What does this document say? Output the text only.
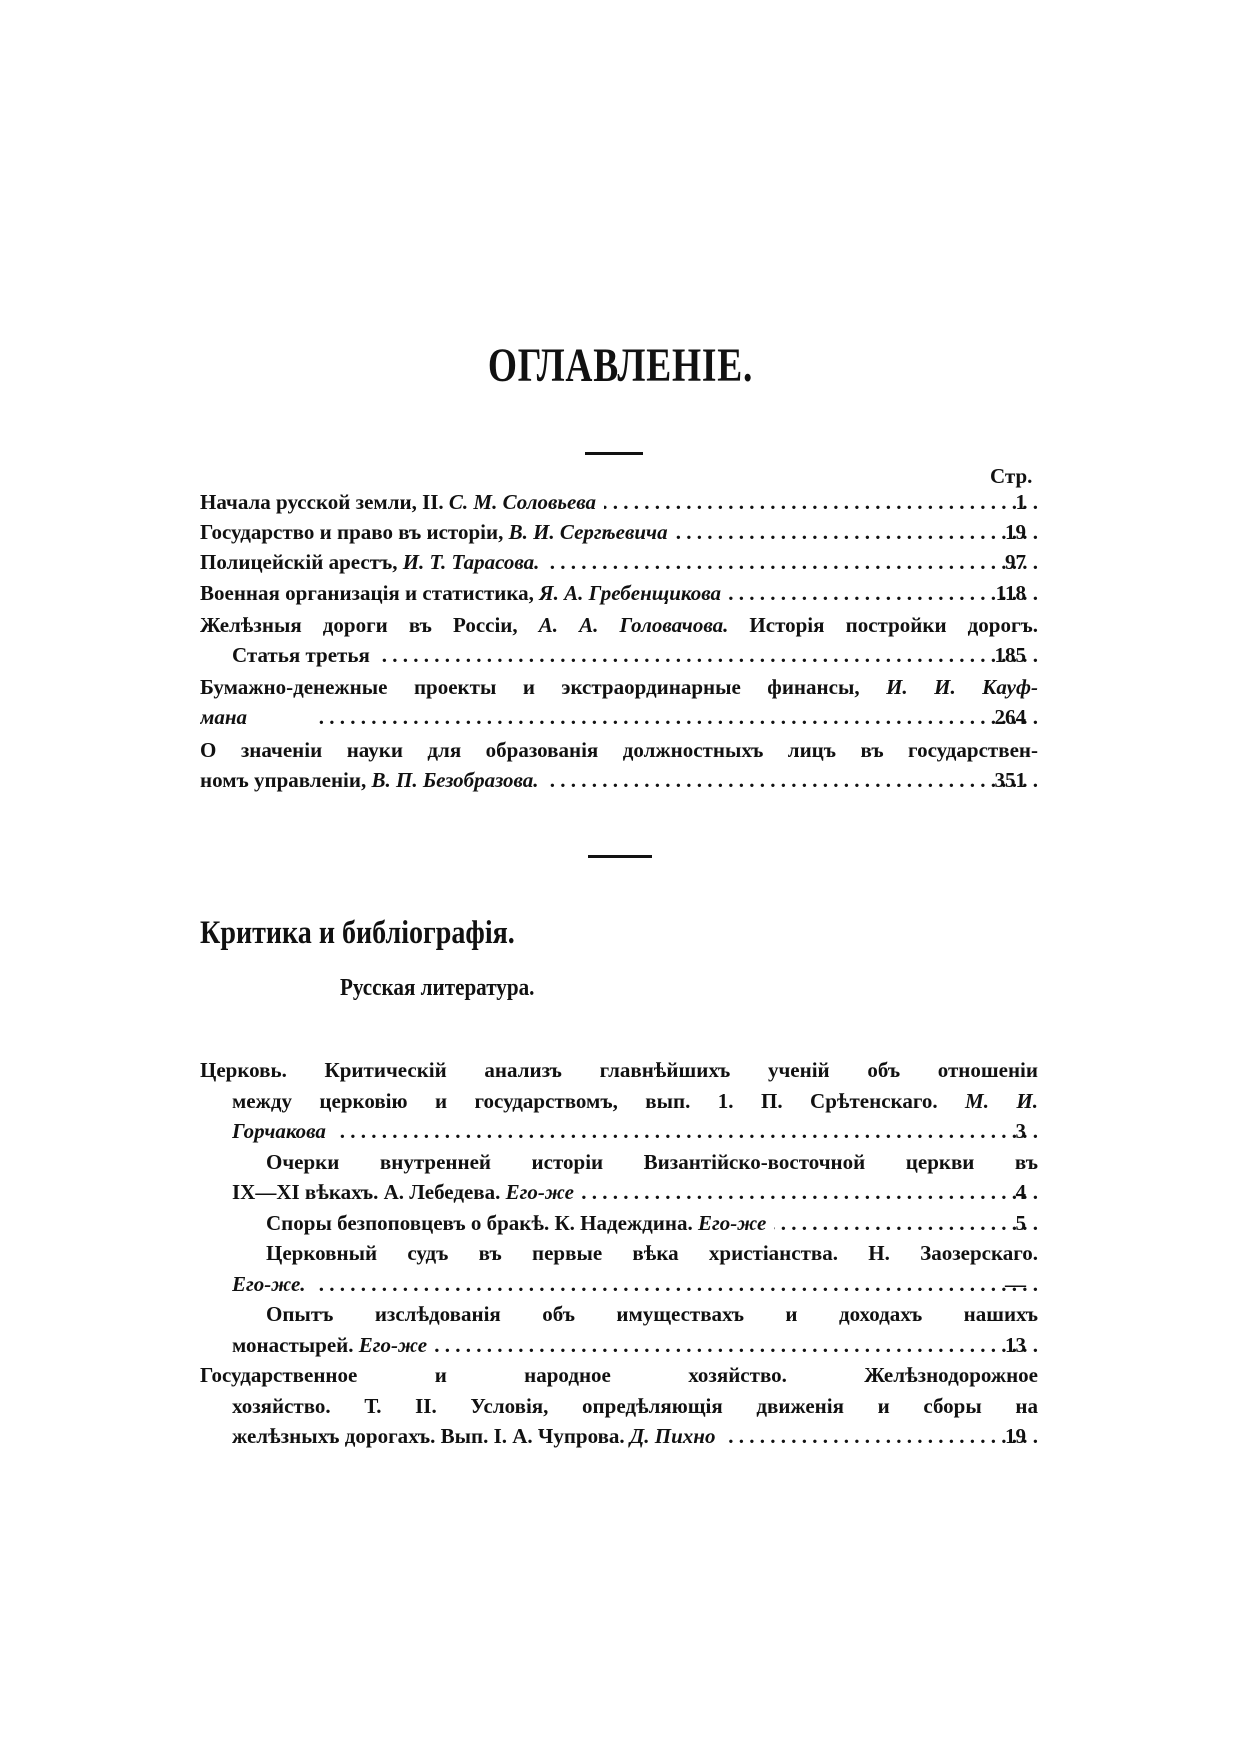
ОГЛАВЛЕНІЕ.
Стр.
Начала русской земли, II. С. М. Соловьева . . .	1
Государство и право въ исторіи, В. И. Сергѣевича . . .	19
Полицейскій арестъ, И. Т. Тарасова. . . .	97
Военная организація и статистика, Я. А. Гребенщикова . . .	118
Желѣзныя дороги въ Россіи, А. А. Головачова. Исторія постройки дорогъ.
Статья третья . . .	185
Бумажно-денежные проекты и экстраординарные финансы, И. И. Кауф-
мана . . .	264
О значеніи науки для образованія должностныхъ лицъ въ государствен-
номъ управленіи, В. П. Безобразова. . . .	351
Критика и библіографія.
Русская литература.
Церковь. Критическій анализъ главнѣйшихъ ученій объ отношеніи
между церковію и государствомъ, вып. 1. П. Срѣтенскаго. М. И.
Горчакова . . .	3
Очерки внутренней исторіи Византійско-восточной церкви въ
IX—XI вѣкахъ. А. Лебедева. Его-же . . .	4
Споры безпоповцевъ о бракѣ. К. Надеждина. Его-же . . .	5
Церковный судъ въ первые вѣка христіанства. Н. Заозерскаго.
Его-же. . . .	—
Опытъ изслѣдованія объ имуществахъ и доходахъ нашихъ
монастырей. Его-же . . .	13
Государственное и народное хозяйство. Желѣзнодорожное
хозяйство. Т. II. Условія, опредѣляющія движенія и сборы на
желѣзныхъ дорогахъ. Вып. I. А. Чупрова. Д. Пихно . . .	19
